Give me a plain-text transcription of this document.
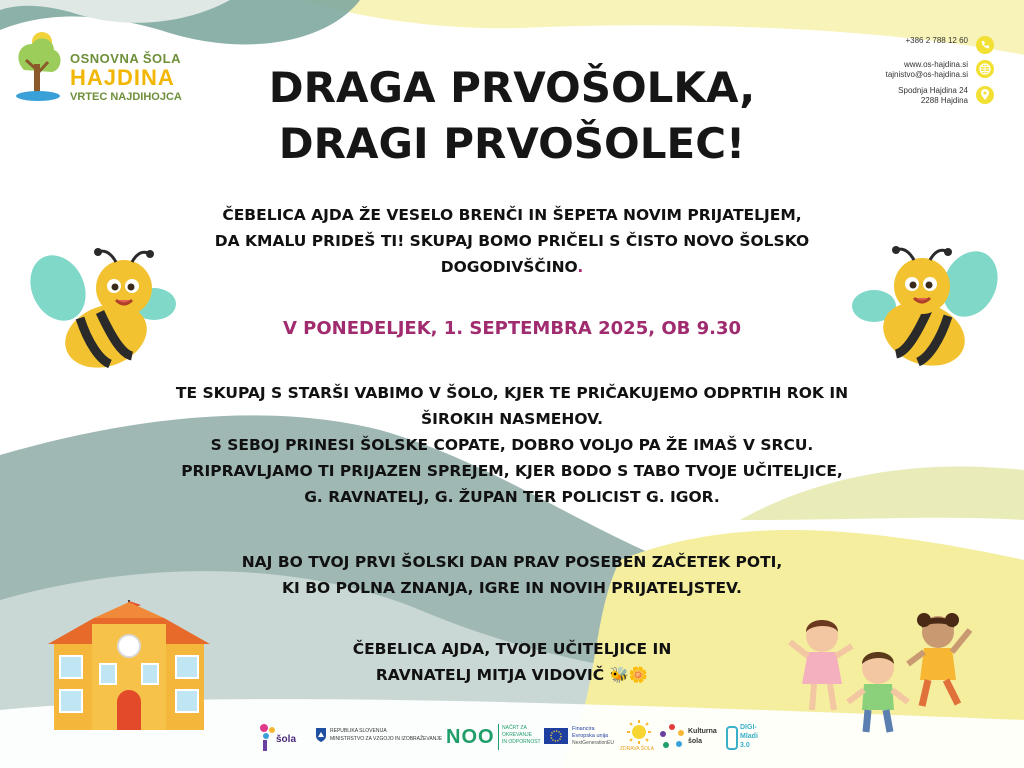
OSNOVNA ŠOLA
HAJDINA
VRTEC NAJDIHOJCA
+386 2 788 12 60
www.os-hajdina.si
tajnistvo@os-hajdina.si
Spodnja Hajdina 24
2288 Hajdina
DRAGA PRVOŠOLKA,
DRAGI PRVOŠOLEC!
ČEBELICA AJDA ŽE VESELO BRENČI IN ŠEPETA NOVIM PRIJATELJEM,
DA KMALU PRIDEŠ TI! SKUPAJ BOMO PRIČELI S ČISTO NOVO ŠOLSKO
DOGODIVŠČINO.
V PONEDELJEK, 1. SEPTEMBRA 2025, OB 9.30
TE SKUPAJ S STARŠI VABIMO V ŠOLO, KJER TE PRIČAKUJEMO ODPRTIH ROK IN
ŠIROKIH NASMEHOV.
S SEBOJ PRINESI ŠOLSKE COPATE, DOBRO VOLJO PA ŽE IMAŠ V SRCU.
PRIPRAVLJAMO TI PRIJAZEN SPREJEM, KJER BODO S TABO TVOJE UČITELJICE,
G. RAVNATELJ, G. ŽUPAN TER POLICIST G. IGOR.
NAJ BO TVOJ PRVI ŠOLSKI DAN PRAV POSEBEN ZAČETEK POTI,
KI BO POLNA ZNANJA, IGRE IN NOVIH PRIJATELJSTEV.
ČEBELICA AJDA, TVOJE UČITELJICE IN
RAVNATELJ MITJA VIDOVIČ 🐝🌼
šola
REPUBLIKA SLOVENIJA
MINISTRSTVO ZA VZGOJO IN IZOBRAŽEVANJE NOO NAČRT ZA
OKREVANJE
IN ODPORNOST
Financira
Evropska unija
NextGenerationEU
ZDRAVA ŠOLA
Kulturna
šola
DIGI-
Mladi
3.0
